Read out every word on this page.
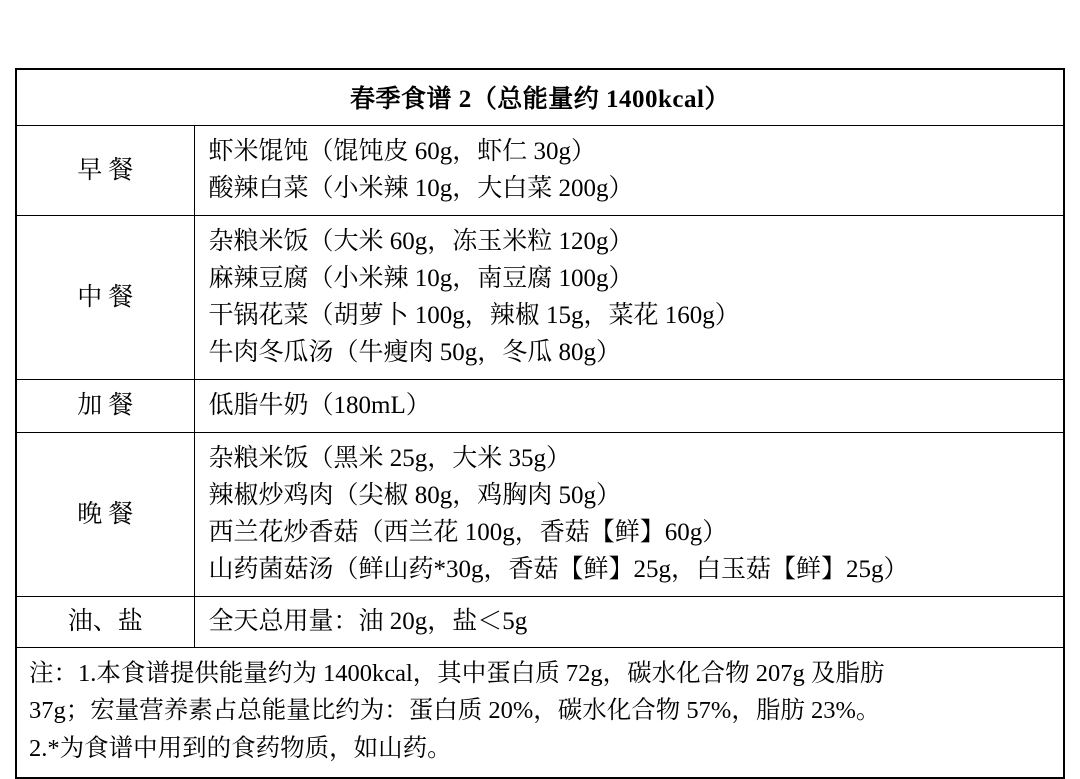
春季食谱 2（总能量约 1400kcal）	
早餐	虾米馄饨（馄饨皮 60g，虾仁 30g）
酸辣白菜（小米辣 10g，大白菜 200g）

中餐	杂粮米饭（大米 60g，冻玉米粒 120g）
麻辣豆腐（小米辣 10g，南豆腐 100g）
干锅花菜（胡萝卜 100g，辣椒 15g，菜花 160g）
牛肉冬瓜汤（牛瘦肉 50g，冬瓜 80g）

加餐	低脂牛奶（180mL）

晚餐	杂粮米饭（黑米 25g，大米 35g）
辣椒炒鸡肉（尖椒 80g，鸡胸肉 50g）
西兰花炒香菇（西兰花 100g，香菇【鲜】60g）
山药菌菇汤（鲜山药*30g，香菇【鲜】25g，白玉菇【鲜】25g）

油、盐	全天总用量：油 20g，盐＜5g

注：1.本食谱提供能量约为 1400kcal，其中蛋白质 72g，碳水化合物 207g 及脂肪
37g；宏量营养素占总能量比约为：蛋白质 20%，碳水化合物 57%，脂肪 23%。
2.*为食谱中用到的食药物质，如山药。	
